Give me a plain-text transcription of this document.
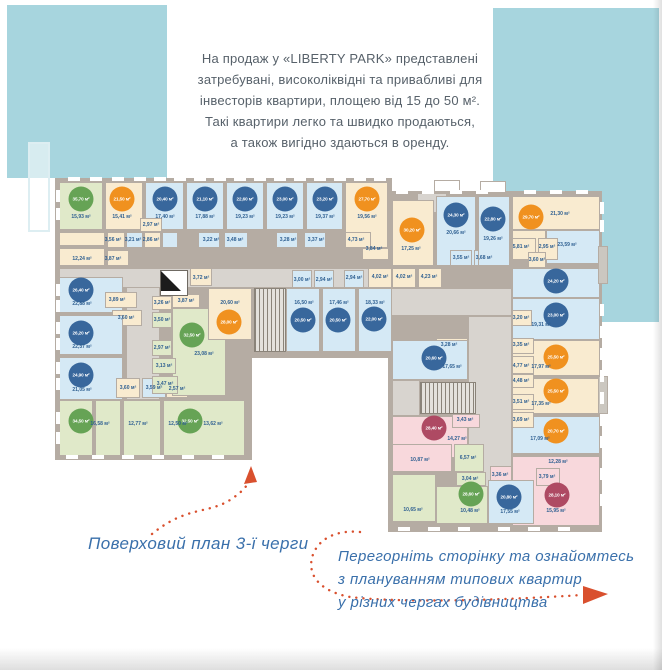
На продаж у «LIBERTY PARK» представлені
затребувані, високоліквідні та привабливі для
інвесторів квартири, площею від 15 до 50 м².
Такі квартири легко та швидко продаються,
а також вигідно здаються в оренду.
35,70 м²	21,50 м²	20,40 м²	21,10 м²	22,60 м²	23,00 м²	23,20 м²	27,70 м²
30,20 м²
24,30 м²
22,80 м²	29,70 м²
24,20 м²
23,00 м²
25,50 м²
25,50 м²
20,70 м²
28,10 м²
20,80 м²
28,60 м²
20,60 м²
28,40 м²
26,40 м²
26,20 м²
24,90 м²
34,50 м²
32,50 м²
32,50 м²
28,00 м²	20,50 м²	20,50 м²	22,00 м²
15,93 м²	15,41 м²	17,40 м²	17,88 м²	19,23 м²	19,23 м²	19,37 м²	19,56 м²
2,97 м²
3,56 м² 3,21 м² 2,86 м²	3,22 м² 3,48 м²	3,28 м² 3,37 м²	4,73 м²
3,84 м²
12,24 м²	3,87 м²
3,72 м²
22,88 м²
3,89 м²
3,60 м²
22,37 м²
21,05 м²	3,60 м² 3,59 м² 2,57 м²
16,58 м²	12,77 м²	12,50 м²	13,62 м²
3,26 м² 3,87 м²
3,50 м²
2,97 м²
3,13 м²
3,47 м²
23,08 м²
20,60 м²
3,00 м² 2,94 м²	2,94 м² 4,02 м²
16,50 м²	17,46 м²	18,33 м²
17,25 м²
4,02 м² 4,23 м²
20,66 м²
3,55 м² 3,68 м²
19,26 м²
21,30 м²
5,81 м² 2,95 м² 23,59 м²
3,60 м²
3,20 м²
19,31 м²
3,35 м²
4,77 м² 17,97 м²
4,48 м²
3,51 м² 17,35 м²
3,69 м²
17,09 м²
12,28 м²
3,79 м²
15,95 м²
3,36 м²
17,55 м²
3,28 м²
17,65 м²
3,43 м²
14,27 м²
10,87 м²	6,57 м²
3,04 м²
10,65 м²	10,48 м²
Поверховий план 3-ї черги
Перегорніть сторінку та ознайомтесь
з плануванням типових квартир
у різних чергах будівництва
